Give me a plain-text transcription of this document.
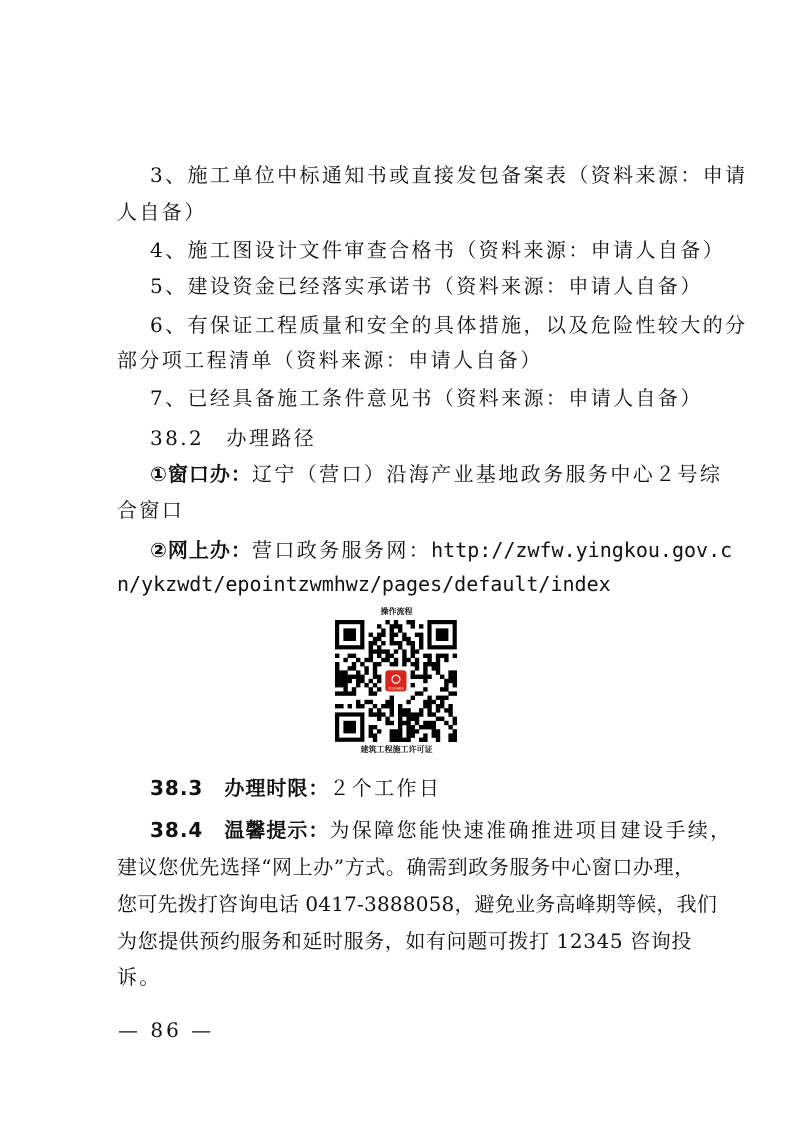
3、施工单位中标通知书或直接发包备案表（资料来源：申请
人自备）
4、施工图设计文件审查合格书（资料来源：申请人自备）
5、建设资金已经落实承诺书（资料来源：申请人自备）
6、有保证工程质量和安全的具体措施，以及危险性较大的分
部分项工程清单（资料来源：申请人自备）
7、已经具备施工条件意见书（资料来源：申请人自备）
38.2　办理路径
①窗口办：辽宁（营口）沿海产业基地政务服务中心２号综
合窗口
②网上办：营口政务服务网：http://zwfw.yingkou.gov.c
n/ykzwdt/epointzwmhwz/pages/default/index
操作流程
营口政务服务
建筑工程施工许可证
38.3　办理时限：２个工作日
38.4　温馨提示：为保障您能快速准确推进项目建设手续，
建议您优先选择“网上办”方式。确需到政务服务中心窗口办理，
您可先拨打咨询电话 0417-3888058，避免业务高峰期等候，我们
为您提供预约服务和延时服务，如有问题可拨打 12345 咨询投
诉。
— 86 —
